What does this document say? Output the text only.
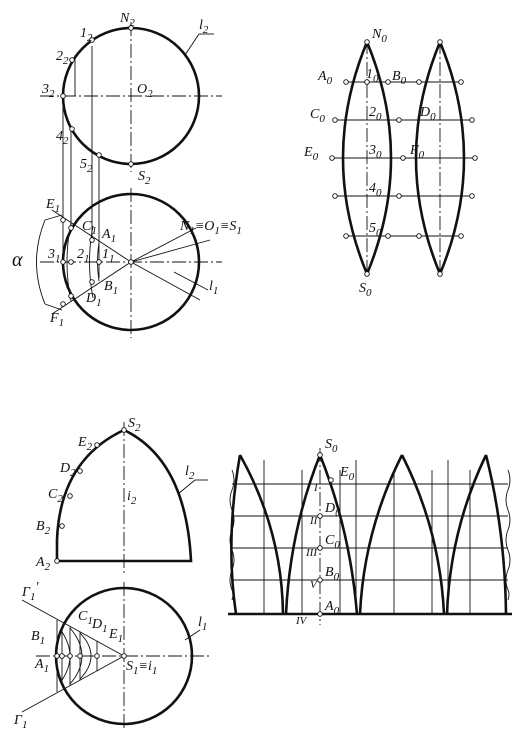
$N_2$
$1_2$
$2_2$
$3_2$	$O_2$
$4_2$
$5_2$	$S_2$
$l_2$
$E_1$
$C_1$ $A_1$
$3_1$ $2_1$ $1_1$
$B_1$
$D_1$
$F_1$
α
$N_1\equiv O_1\equiv S_1$
$l_1$
$N_0$
$A_0$ $1_0$ $B_0$
$C_0$	$2_0$	$D_0$
$E_0$	$3_0$ $F_0$
$4_0$
$5_0$
$S_0$
$S_2$
$E_2$
$D_2$
$C_2$
$B_2$
$A_2$
$i_2$
$l_2$
$\Gamma_1'$
$C_1$ $D_1$ $E_1$
$B_1$
$A_1$	$S_1\equiv i_1$
$\Gamma_1$
$l_1$
I
II
III
V
IV
$S_0$
$E_0$
$D_0$
$C_0$
$B_0$
$A_0$
